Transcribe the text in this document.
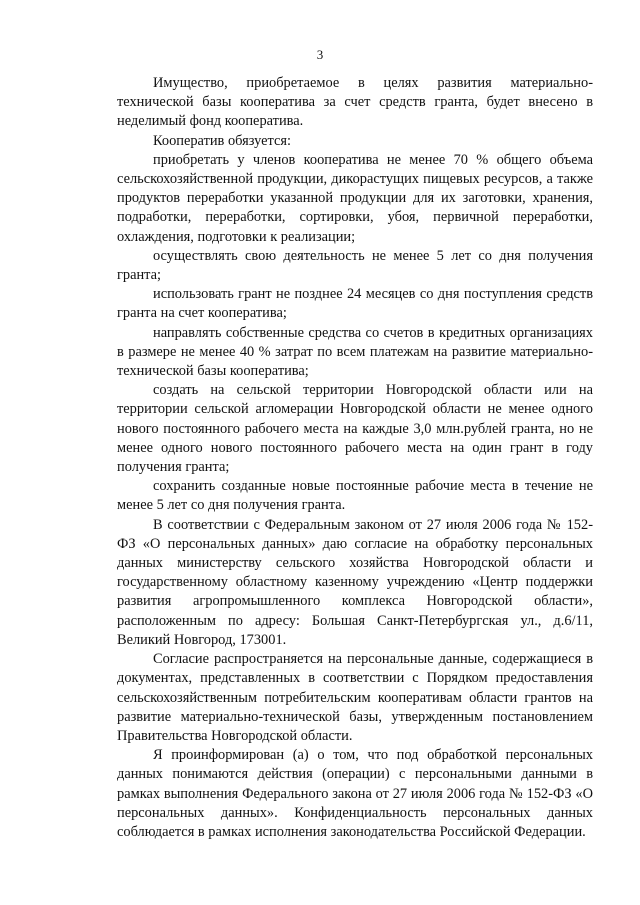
3

Имущество, приобретаемое в целях развития материально-технической базы кооператива за счет средств гранта, будет внесено в неделимый фонд кооператива.

Кооператив обязуется:

приобретать у членов кооператива не менее 70 % общего объема сельскохозяйственной продукции, дикорастущих пищевых ресурсов, а также продуктов переработки указанной продукции для их заготовки, хранения, подработки, переработки, сортировки, убоя, первичной переработки, охлаждения, подготовки к реализации;

осуществлять свою деятельность не менее 5 лет со дня получения гранта;

использовать грант не позднее 24 месяцев со дня поступления средств гранта на счет кооператива;

направлять собственные средства со счетов в кредитных организациях в размере не менее 40 % затрат по всем платежам на развитие материально-технической базы кооператива;

создать на сельской территории Новгородской области или на территории сельской агломерации Новгородской области не менее одного нового постоянного рабочего места на каждые 3,0 млн.рублей гранта, но не менее одного нового постоянного рабочего места на один грант в году получения гранта;

сохранить созданные новые постоянные рабочие места в течение не менее 5 лет со дня получения гранта.

В соответствии с Федеральным законом от 27 июля 2006 года № 152-ФЗ «О персональных данных» даю согласие на обработку персональных данных министерству сельского хозяйства Новгородской области и государственному областному казенному учреждению «Центр поддержки развития агропромышленного комплекса Новгородской области», расположенным по адресу: Большая Санкт-Петербургская ул., д.6/11, Великий Новгород, 173001.

Согласие распространяется на персональные данные, содержащиеся в документах, представленных в соответствии с Порядком предоставления сельскохозяйственным потребительским кооперативам области грантов на развитие материально-технической базы, утвержденным постановлением Правительства Новгородской области.

Я проинформирован (а) о том, что под обработкой персональных данных понимаются действия (операции) с персональными данными в рамках выполнения Федерального закона от 27 июля 2006 года № 152-ФЗ «О персональных данных». Конфиденциальность персональных данных соблюдается в рамках исполнения законодательства Российской Федерации.
